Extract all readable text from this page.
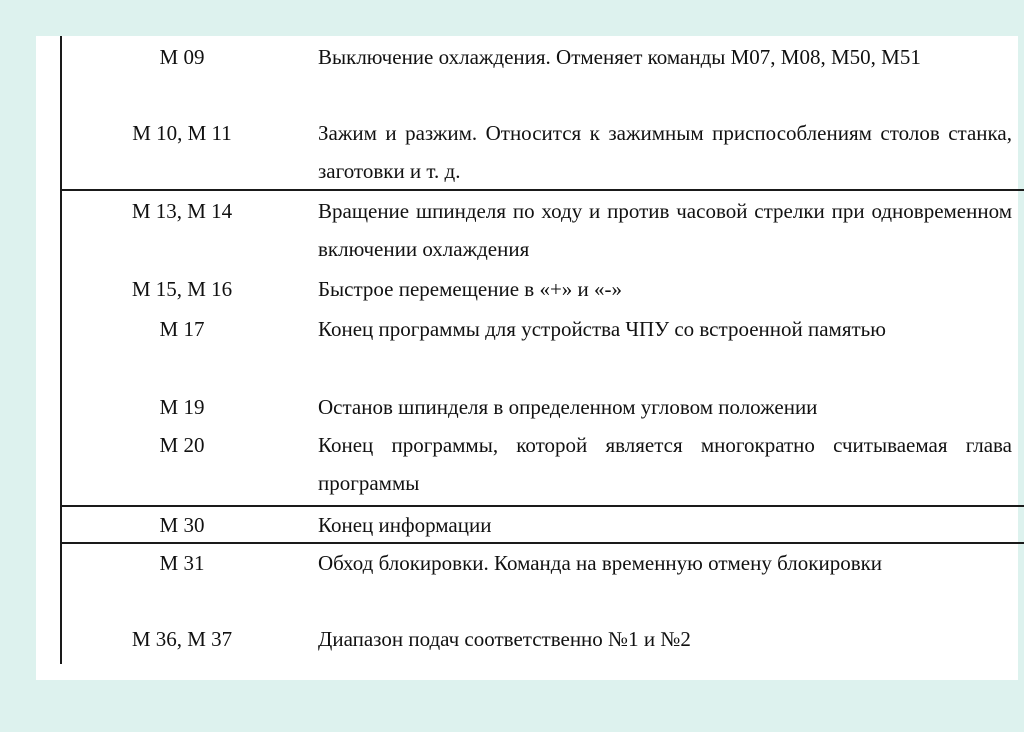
М 09	Выключение охлаждения. Отменяет команды М07, М08, М50, М51
М 10, М 11	Зажим и разжим. Относится к зажимным приспособлениям столов станка, заготовки и т. д.
М 13, М 14	Вращение шпинделя по ходу и против часовой стрелки при одновременном включении охлаждения
М 15, М 16	Быстрое перемещение в «+» и «-»
М 17	Конец программы для устройства ЧПУ со встроенной памятью
М 19	Останов шпинделя в определенном угловом положении
М 20	Конец программы, которой является многократно считываемая глава программы
М 30	Конец информации
М 31	Обход блокировки. Команда на временную отмену блокировки
М 36, М 37	Диапазон подач соответственно №1 и №2
